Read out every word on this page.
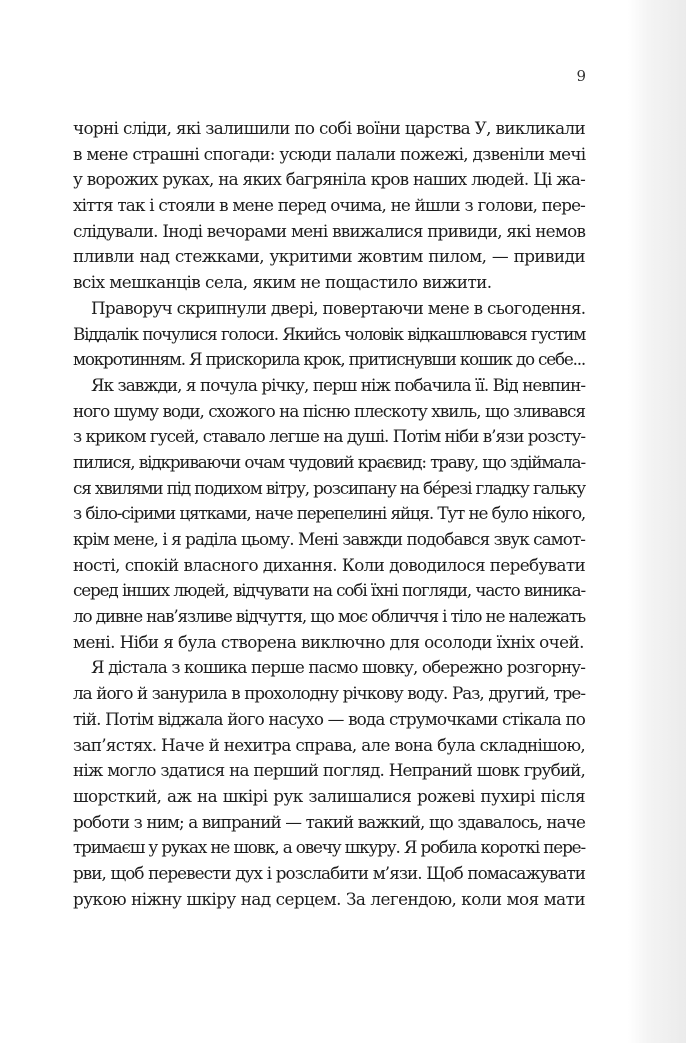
9
чорні сліди, які залишили по собі воїни царства У, викликали
в мене страшні спогади: усюди палали пожежі, дзвеніли мечі
у ворожих руках, на яких багряніла кров наших людей. Ці жа-
хіття так і стояли в мене перед очима, не йшли з голови, пере-
слідували. Іноді вечорами мені ввижалися привиди, які немов
пливли над стежками, укритими жовтим пилом, — привиди
всіх мешканців села, яким не пощастило вижити.
Праворуч скрипнули двері, повертаючи мене в сьогодення.
Віддалік почулися голоси. Якийсь чоловік відкашлювався густим
мокротинням. Я прискорила крок, притиснувши кошик до себе...
Як завжди, я почула річку, перш ніж побачила її. Від невпин-
ного шуму води, схожого на пісню плескоту хвиль, що зливався
з криком гусей, ставало легше на душі. Потім ніби в’язи розсту-
пилися, відкриваючи очам чудовий краєвид: траву, що здіймала-
ся хвилями під подихом вітру, розсипану на бéрезі гладку гальку
з біло-сірими цятками, наче перепелині яйця. Тут не було нікого,
крім мене, і я раділа цьому. Мені завжди подобався звук самот-
ності, спокій власного дихання. Коли доводилося перебувати
серед інших людей, відчувати на собі їхні погляди, часто виника-
ло дивне нав’язливе відчуття, що моє обличчя і тіло не належать
мені. Ніби я була створена виключно для осолоди їхніх очей.
Я дістала з кошика перше пасмо шовку, обережно розгорну-
ла його й занурила в прохолодну річкову воду. Раз, другий, тре-
тій. Потім віджала його насухо — вода струмочками стікала по
зап’ястях. Наче й нехитра справа, але вона була складнішою,
ніж могло здатися на перший погляд. Непраний шовк грубий,
шорсткий, аж на шкірі рук залишалися рожеві пухирі після
роботи з ним; а випраний — такий важкий, що здавалось, наче
тримаєш у руках не шовк, а овечу шкуру. Я робила короткі пере-
рви, щоб перевести дух і розслабити м’язи. Щоб помасажувати
рукою ніжну шкіру над серцем. За легендою, коли моя мати
